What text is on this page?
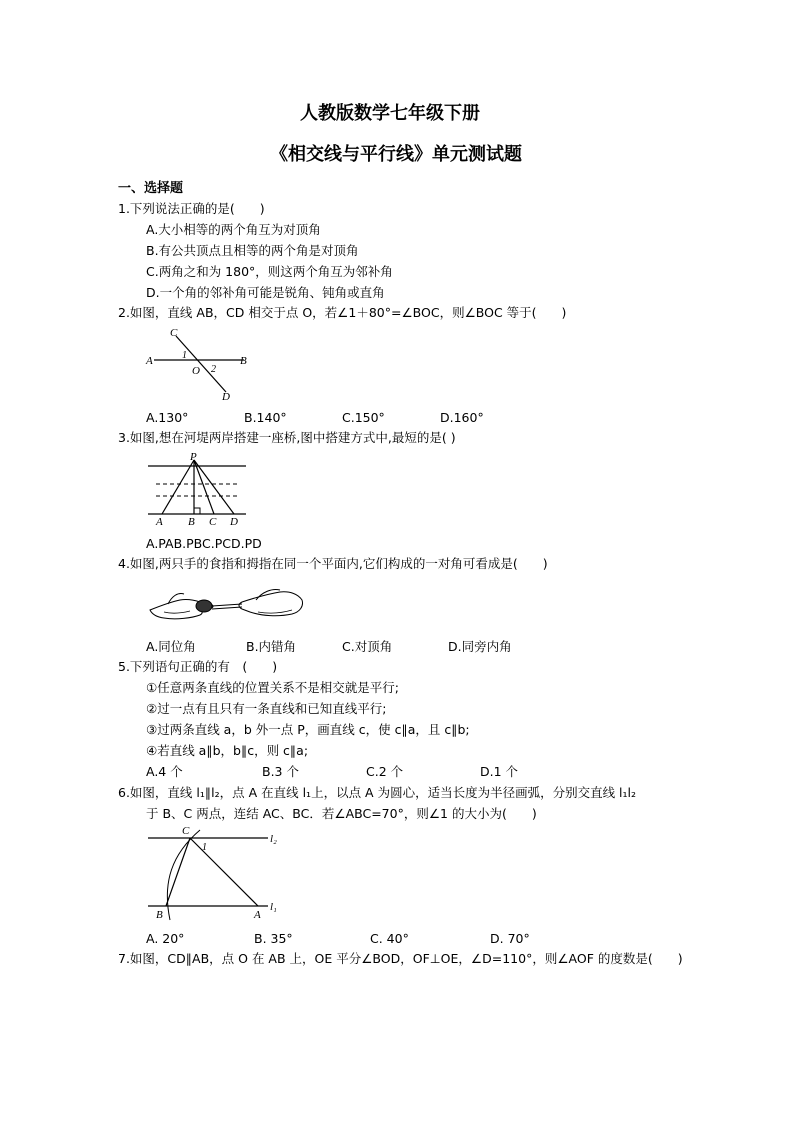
人教版数学七年级下册
《相交线与平行线》单元测试题
一、选择题
1.下列说法正确的是(　　)
A.大小相等的两个角互为对顶角
B.有公共顶点且相等的两个角是对顶角
C.两角之和为 180°，则这两个角互为邻补角
D.一个角的邻补角可能是锐角、钝角或直角
2.如图，直线 AB，CD 相交于点 O，若∠1＋80°=∠BOC，则∠BOC 等于(　　)
C
A	1	B
O 2
D
A.130°	B.140°	C.150°	D.160°
3.如图,想在河堤两岸搭建一座桥,图中搭建方式中,最短的是( )
P
A B C D
A.PAB.PBC.PCD.PD
4.如图,两只手的食指和拇指在同一个平面内,它们构成的一对角可看成是(　　)
A.同位角	B.内错角	C.对顶角	D.同旁内角
5.下列语句正确的有　(　　)
①任意两条直线的位置关系不是相交就是平行;
②过一点有且只有一条直线和已知直线平行;
③过两条直线 a，b 外一点 P，画直线 c，使 c∥a，且 c∥b;
④若直线 a∥b，b∥c，则 c∥a;
A.4 个	B.3 个	C.2 个	D.1 个
6.如图，直线 l₁∥l₂，点 A 在直线 l₁上，以点 A 为圆心，适当长度为半径画弧，分别交直线 l₁l₂
于 B、C 两点，连结 AC、BC．若∠ABC=70°，则∠1 的大小为(　　)
C
1
l₂
B	A
l₁
A. 20°	B. 35°	C. 40°	D. 70°
7.如图，CD∥AB，点 O 在 AB 上，OE 平分∠BOD，OF⊥OE，∠D=110°，则∠AOF 的度数是(　　)
